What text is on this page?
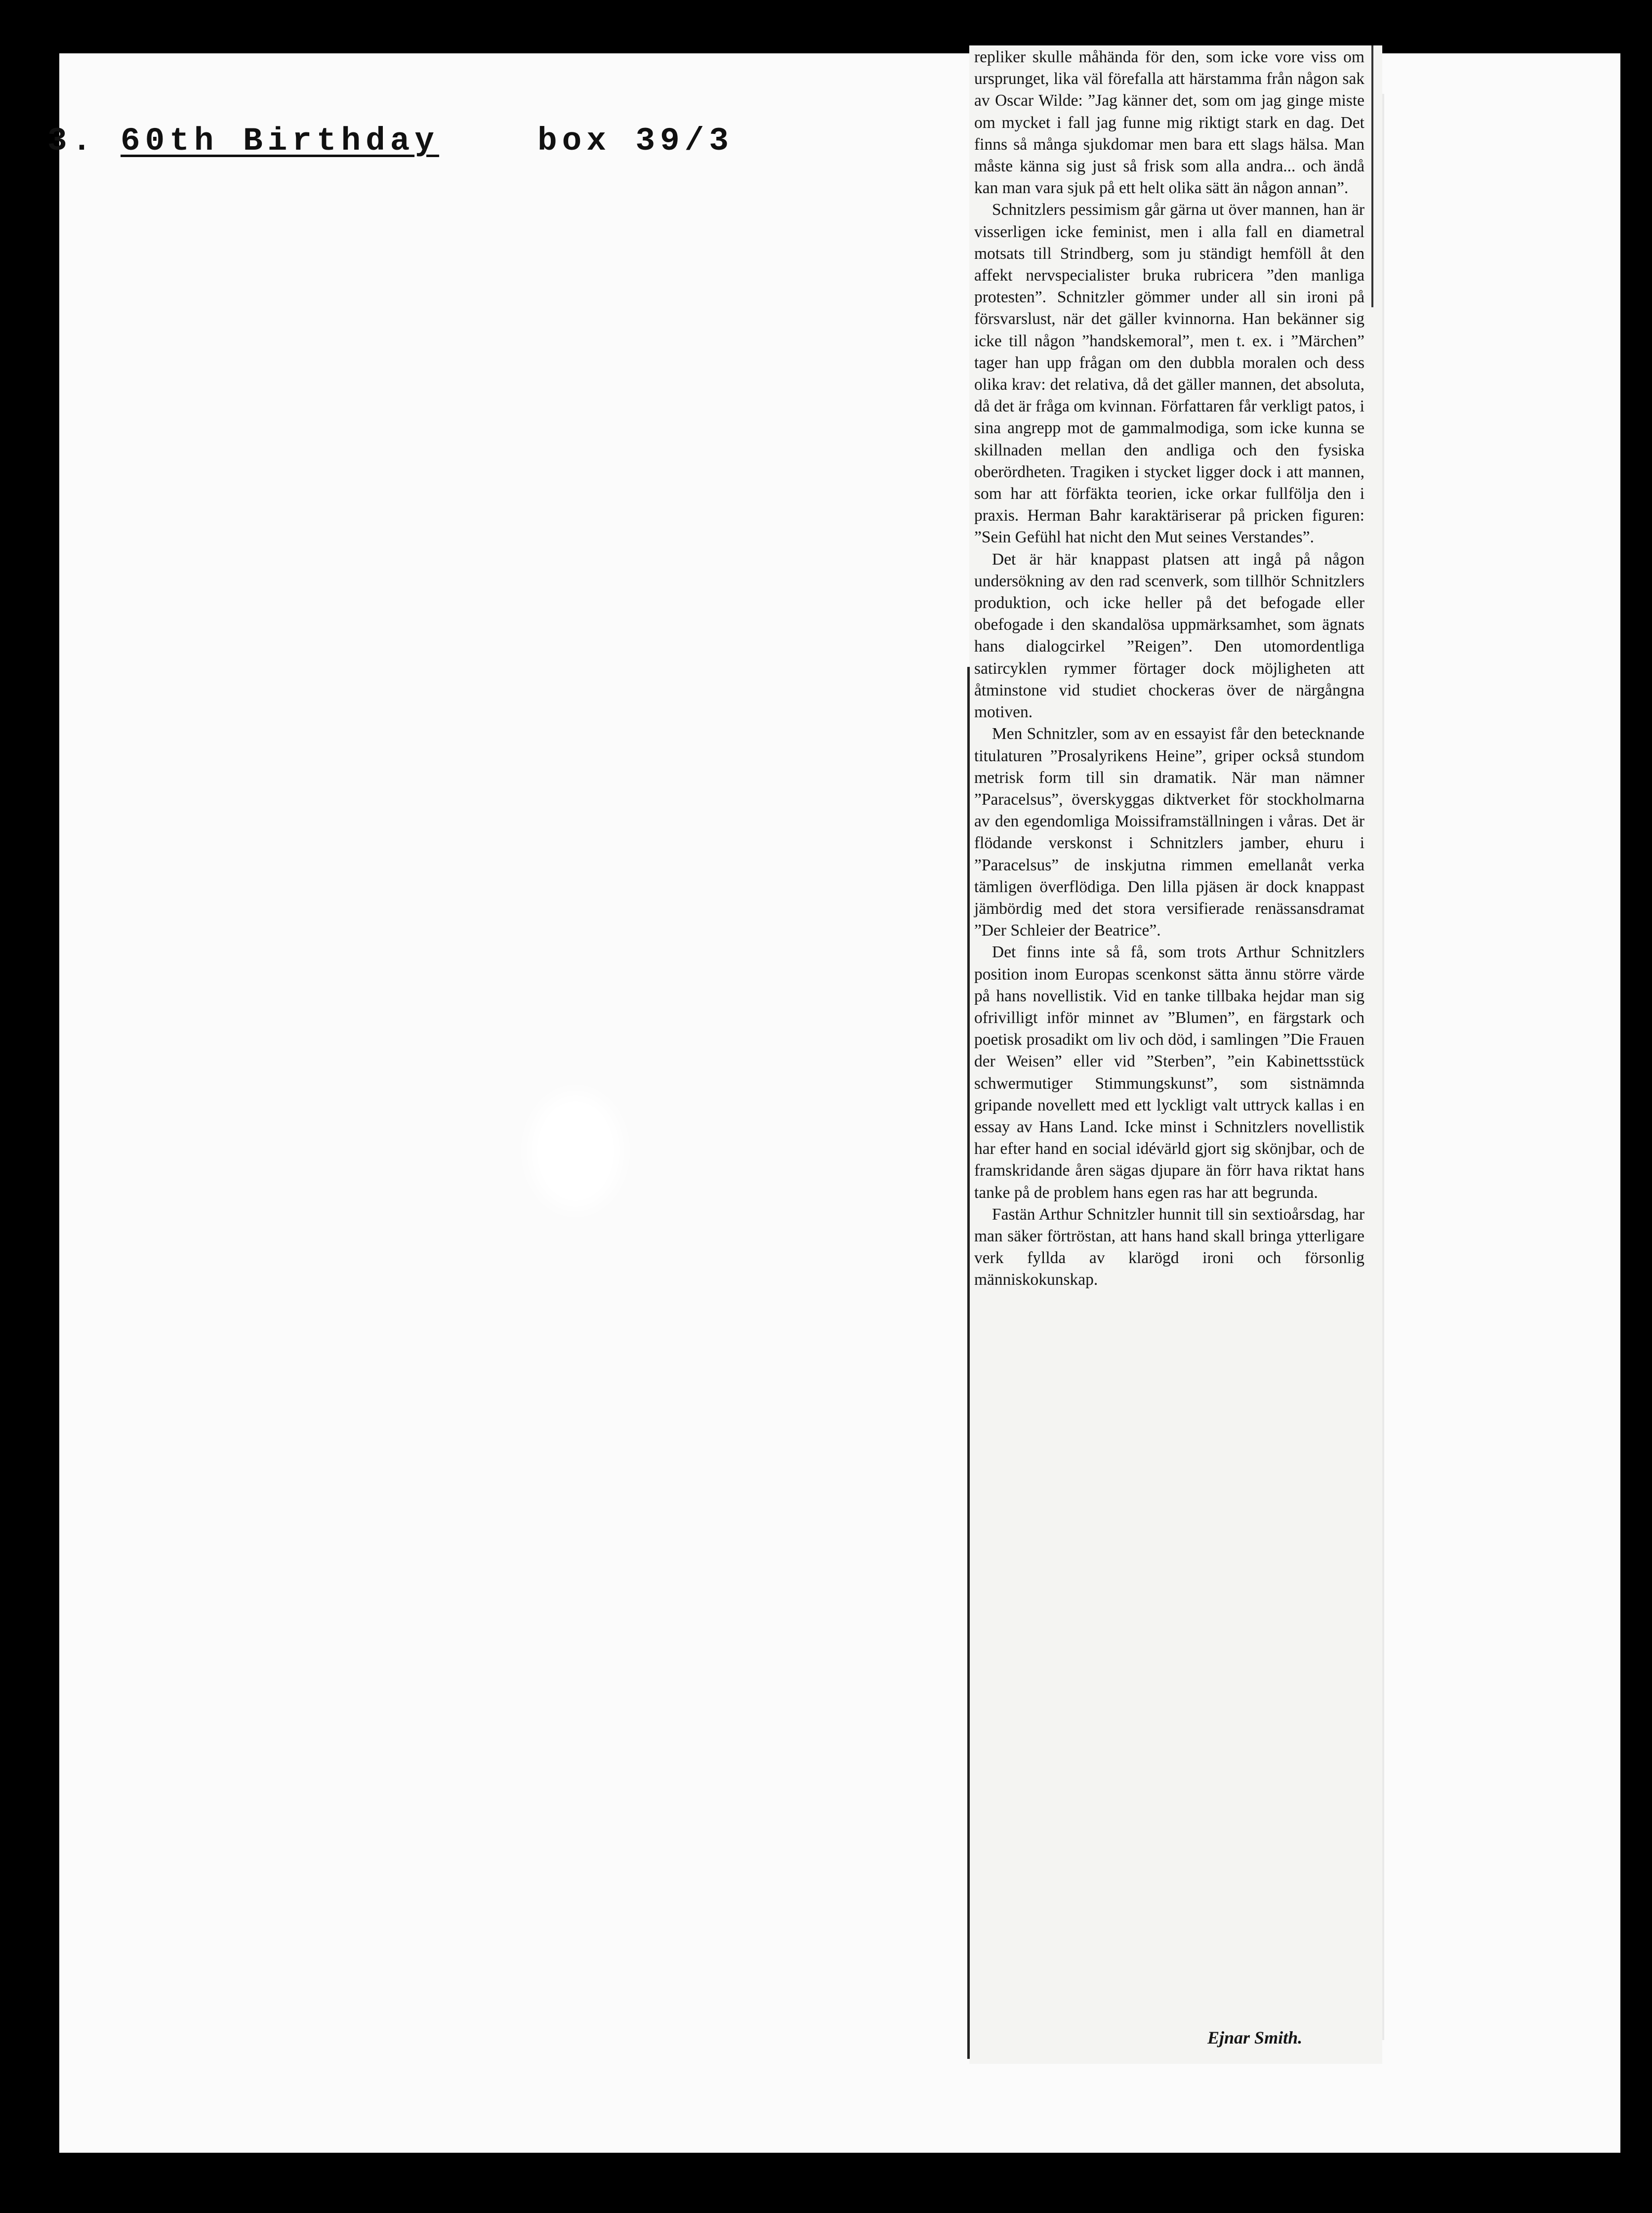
3. 60th Birthday	box 39/3

repliker skulle måhända för den, som icke vore viss om ursprunget, lika väl förefalla att härstamma från någon sak av Oscar Wilde: ”Jag känner det, som om jag ginge miste om mycket i fall jag funne mig riktigt stark en dag. Det finns så många sjukdomar men bara ett slags hälsa. Man måste känna sig just så frisk som alla andra... och ändå kan man vara sjuk på ett helt olika sätt än någon annan”.

Schnitzlers pessimism går gärna ut över mannen, han är visserligen icke feminist, men i alla fall en diametral motsats till Strindberg, som ju ständigt hemföll åt den affekt nervspecialister bruka rubricera ”den manliga protesten”. Schnitzler gömmer under all sin ironi på försvarslust, när det gäller kvinnorna. Han bekänner sig icke till någon ”handskemoral”, men t. ex. i ”Märchen” tager han upp frågan om den dubbla moralen och dess olika krav: det relativa, då det gäller mannen, det absoluta, då det är fråga om kvinnan. Författaren får verkligt patos, i sina angrepp mot de gammalmodiga, som icke kunna se skillnaden mellan den andliga och den fysiska oberördheten. Tragiken i stycket ligger dock i att mannen, som har att förfäkta teorien, icke orkar fullfölja den i praxis. Herman Bahr karaktäriserar på pricken figuren: ”Sein Gefühl hat nicht den Mut seines Verstandes”.

Det är här knappast platsen att ingå på någon undersökning av den rad scenverk, som tillhör Schnitzlers produktion, och icke heller på det befogade eller obefogade i den skandalösa uppmärksamhet, som ägnats hans dialogcirkel ”Reigen”. Den utomordentliga satircyklen rymmer förtager dock möjligheten att åtminstone vid studiet chockeras över de närgångna motiven.

Men Schnitzler, som av en essayist får den betecknande titulaturen ”Prosalyrikens Heine”, griper också stundom metrisk form till sin dramatik. När man nämner ”Paracelsus”, överskyggas diktverket för stockholmarna av den egendomliga Moissiframställningen i våras. Det är flödande verskonst i Schnitzlers jamber, ehuru i ”Paracelsus” de inskjutna rimmen emellanåt verka tämligen överflödiga. Den lilla pjäsen är dock knappast jämbördig med det stora versifierade renässansdramat ”Der Schleier der Beatrice”.

Det finns inte så få, som trots Arthur Schnitzlers position inom Europas scenkonst sätta ännu större värde på hans novellistik. Vid en tanke tillbaka hejdar man sig ofrivilligt inför minnet av ”Blumen”, en färgstark och poetisk prosadikt om liv och död, i samlingen ”Die Frauen der Weisen” eller vid ”Sterben”, ”ein Kabinettsstück schwermutiger Stimmungskunst”, som sistnämnda gripande novellett med ett lyckligt valt uttryck kallas i en essay av Hans Land. Icke minst i Schnitzlers novellistik har efter hand en social idévärld gjort sig skönjbar, och de framskridande åren sägas djupare än förr hava riktat hans tanke på de problem hans egen ras har att begrunda.

Fastän Arthur Schnitzler hunnit till sin sextioårsdag, har man säker förtröstan, att hans hand skall bringa ytterligare verk fyllda av klarögd ironi och försonlig människokunskap.

Ejnar Smith.
